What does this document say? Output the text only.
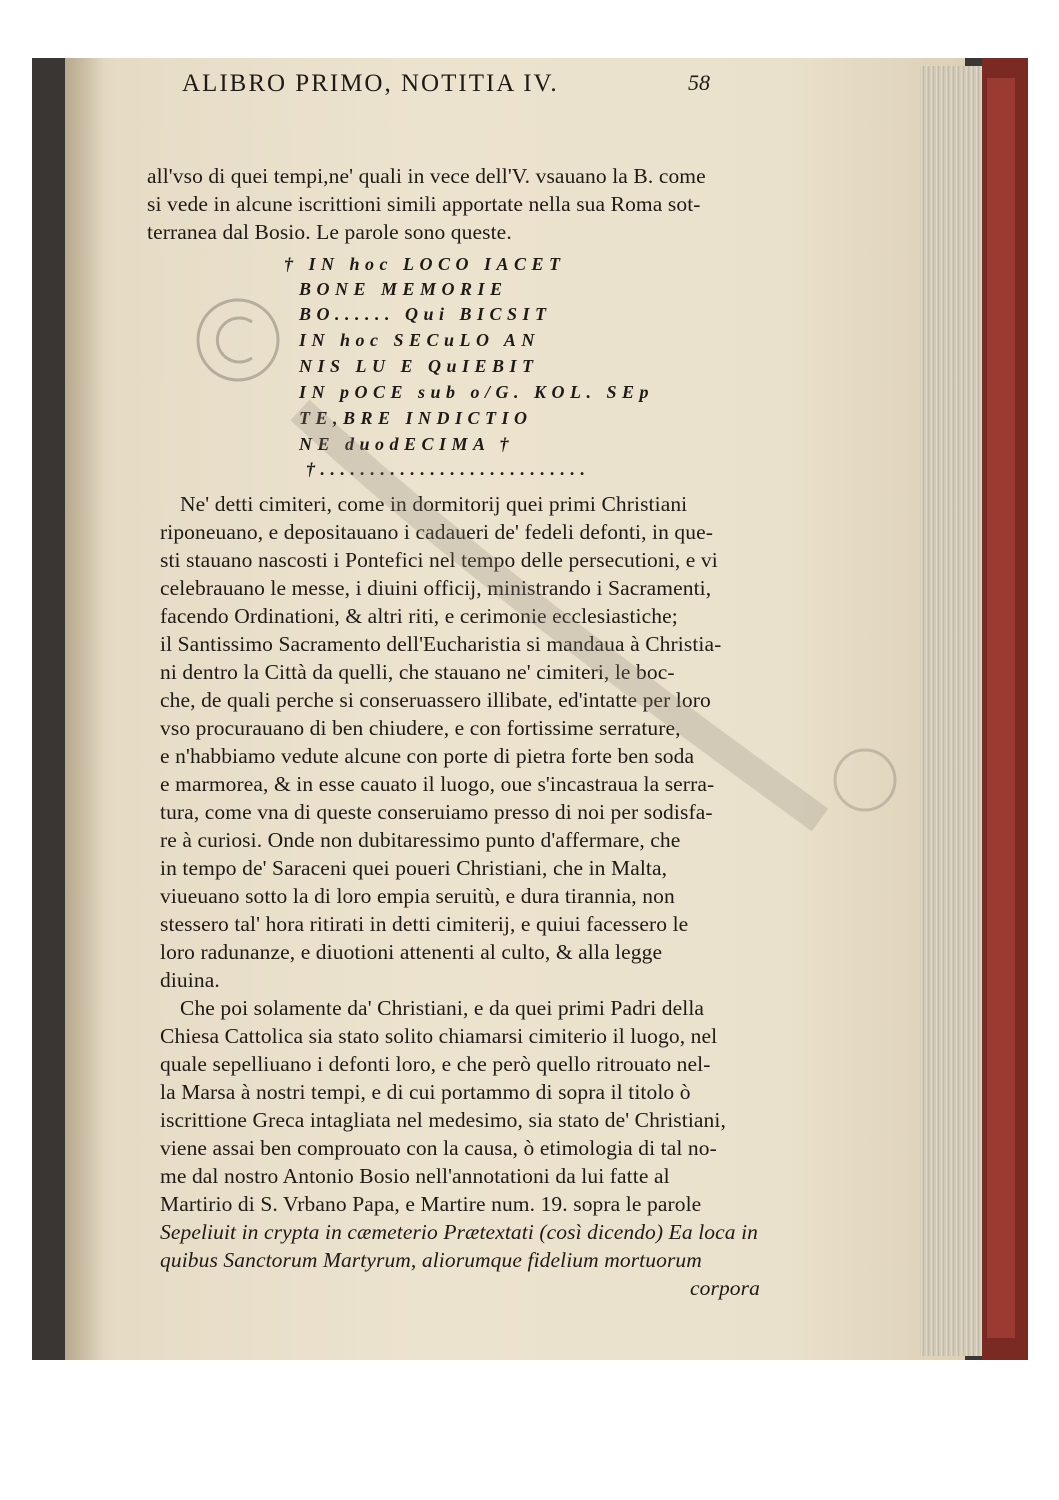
ALIBRO PRIMO, NOTITIA IV.	58
all'vso di quei tempi,ne' quali in vece dell'V. vsauano la B. come
si vede in alcune iscrittioni simili apportate nella sua Roma sot-
terranea dal Bosio. Le parole sono queste.
† IN hoc LOCO IACET
BONE MEMORIE
BO...... Qui BICSIT
IN hoc SECuLO AN
NIS LU E QuIEBIT
IN pOCE sub o/G. KOL. SEp
TE,BRE INDICTIO
NE duodECIMA †
†...........................
Ne' detti cimiteri, come in dormitorij quei primi Christiani
riponeuano, e depositauano i cadaueri de' fedeli defonti, in que-
sti stauano nascosti i Pontefici nel tempo delle persecutioni, e vi
celebrauano le messe, i diuini officij, ministrando i Sacramenti,
facendo Ordinationi, & altri riti, e cerimonie ecclesiastiche;
il Santissimo Sacramento dell'Eucharistia si mandaua à Christia-
ni dentro la Città da quelli, che stauano ne' cimiteri, le boc-
che, de quali perche si conseruassero illibate, ed'intatte per loro
vso procurauano di ben chiudere, e con fortissime serrature,
e n'habbiamo vedute alcune con porte di pietra forte ben soda
e marmorea, & in esse cauato il luogo, oue s'incastraua la serra-
tura, come vna di queste conseruiamo presso di noi per sodisfa-
re à curiosi. Onde non dubitaressimo punto d'affermare, che
in tempo de' Saraceni quei poueri Christiani, che in Malta,
viueuano sotto la di loro empia seruitù, e dura tirannia, non
stessero tal' hora ritirati in detti cimiterij, e quiui facessero le
loro radunanze, e diuotioni attenenti al culto, & alla legge
diuina.
Che poi solamente da' Christiani, e da quei primi Padri della
Chiesa Cattolica sia stato solito chiamarsi cimiterio il luogo, nel
quale sepelliuano i defonti loro, e che però quello ritrouato nel-
la Marsa à nostri tempi, e di cui portammo di sopra il titolo ò
iscrittione Greca intagliata nel medesimo, sia stato de' Christiani,
viene assai ben comprouato con la causa, ò etimologia di tal no-
me dal nostro Antonio Bosio nell'annotationi da lui fatte al
Martirio di S. Vrbano Papa, e Martire num. 19. sopra le parole
Sepeliuit in crypta in cæmeterio Prætextati (così dicendo) Ea loca in
quibus Sanctorum Martyrum, aliorumque fidelium mortuorum
corpora
